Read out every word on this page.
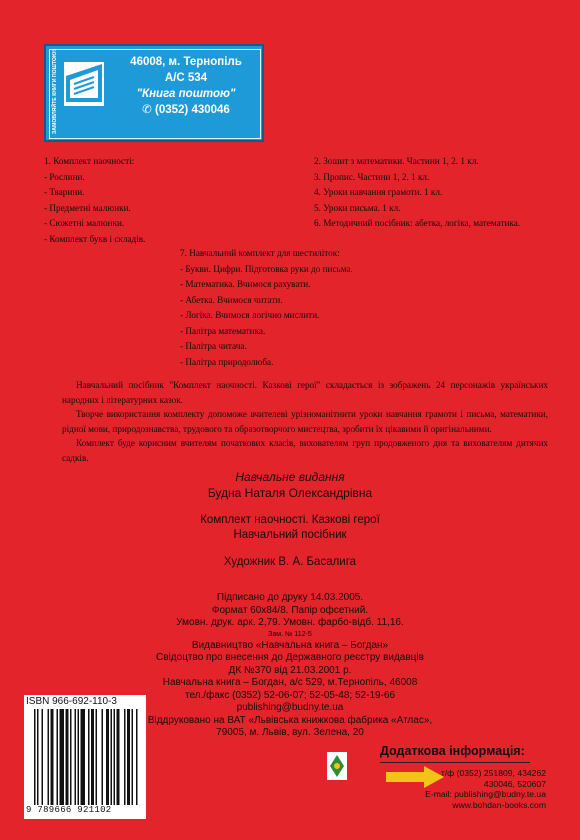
ЗАМОВЛЯЙТЕ КНИГИ ПОШТОЮ!	46008, м. Тернопіль
А/С 534
"Книга поштою"
✆ (0352) 430046
1. Комплект наочності:
- Рослини.
- Тварини.
- Предметні малюнки.
- Сюжетні малюнки.
- Комплект букв і складів.
2. Зошит з математики. Частини 1, 2. 1 кл.
3. Пропис. Частини 1, 2. 1 кл.
4. Уроки навчання грамоти. 1 кл.
5. Уроки письма. 1 кл.
6. Методичний посібник: абетка, логіка, математика.
7. Навчальний комплект для шестиліток:
- Букви. Цифри. Підготовка руки до письма.
- Математика. Вчимося рахувати.
- Абетка. Вчимося читати.
- Логіка. Вчимося логічно мислити.
- Палітра математика.
- Палітра читача.
- Палітра природолюба.
Навчальний посібник "Комплект наочності. Казкові герої" складається із зображень 24 персонажів українських народних і літературних казок.
Творче використання комплекту допоможе вчителеві урізноманітнити уроки навчання грамоти і письма, математики, рідної мови, природознавства, трудового та образотворчого мистецтва, зробити їх цікавими й оригінальними.
Комплект буде корисним вчителям початкових класів, вихователям груп продовженого дня та вихователям дитячих садків.
Навчальне видання
Будна Наталя Олександрівна
Комплект наочності. Казкові герої
Навчальний посібник
Художник В. А. Басалига
Підписано до друку 14.03.2005.
Формат 60х84/8. Папір офсетний.
Умовн. друк. арк. 2,79. Умовн. фарбо-відб. 11,16.
Зам. № 112-5
Видавництво «Навчальна книга – Богдан»
Свідоцтво про внесення до Державного реєстру видавців
ДК №370 від 21.03.2001 р.
Навчальна книга – Богдан, а/с 529, м.Тернопіль, 46008
тел./факс (0352) 52-06-07; 52-05-48; 52-19-66
publishing@budny.te.ua
Віддруковано на ВАТ «Львівська книжкова фабрика «Атлас»,
79005, м. Львів, вул. Зелена, 20
ISBN 966-692-110-3
9 789666 921102
Додаткова інформація:
т/ф (0352) 251809, 434262
430046, 520607
E-mail: publishing@budny.te.ua
www.bohdan-books.com
